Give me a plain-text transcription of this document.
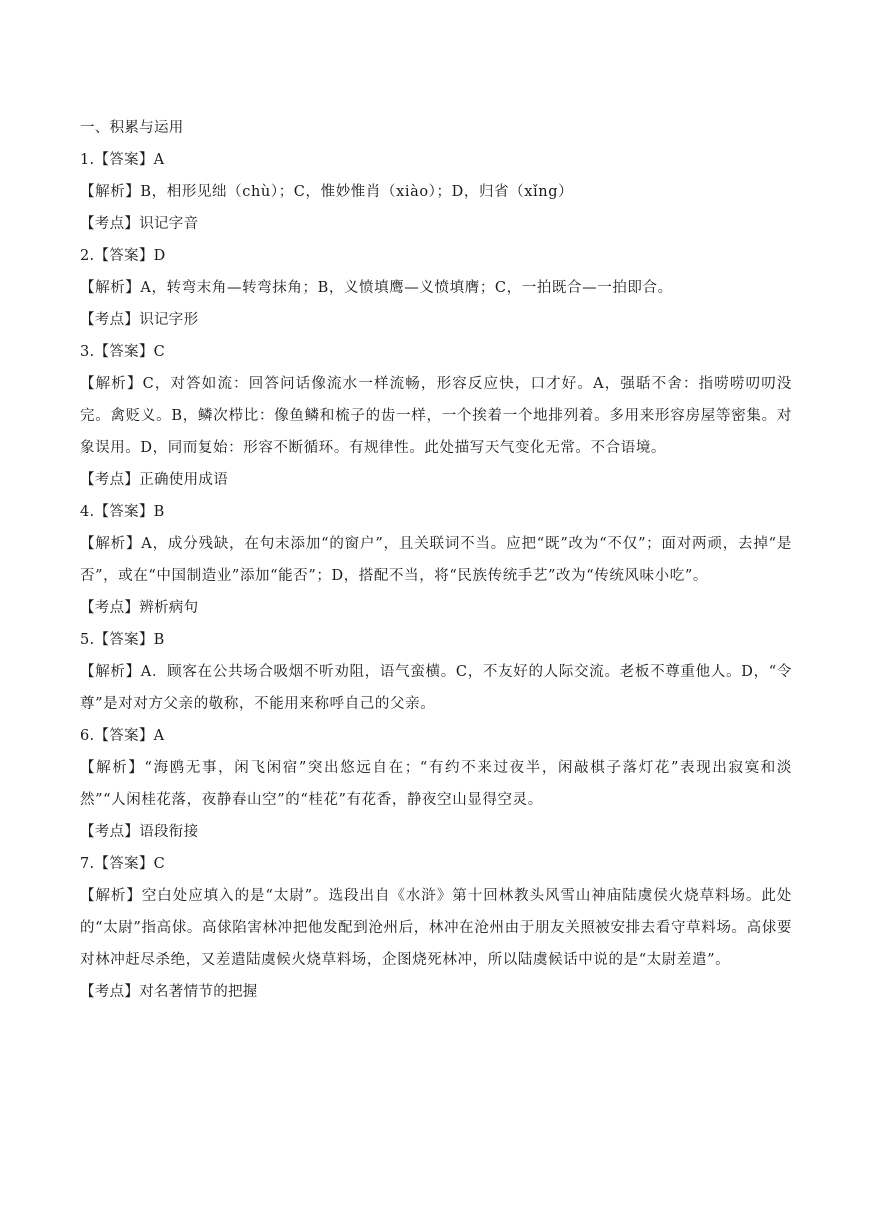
一、积累与运用
1.【答案】A
【解析】B，相形见绌（chù）；C，惟妙惟肖（xiào）；D，归省（xǐng）
【考点】识记字音
2.【答案】D
【解析】A，转弯末角—转弯抹角；B，义愤填鹰—义愤填膺；C，一拍既合—一拍即合。
【考点】识记字形
3.【答案】C
【解析】C，对答如流：回答问话像流水一样流畅，形容反应快，口才好。A，强聒不舍：指唠唠叨叨没完。禽贬义。B，鳞次栉比：像鱼鳞和梳子的齿一样，一个挨着一个地排列着。多用来形容房屋等密集。对象误用。D，同而复始：形容不断循环。有规律性。此处描写天气变化无常。不合语境。
【考点】正确使用成语
4.【答案】B
【解析】A，成分残缺，在句末添加“的窗户”，且关联词不当。应把“既”改为“不仅”；面对两顽，去掉“是否”，或在“中国制造业”添加“能否”；D，搭配不当，将“民族传统手艺”改为“传统风味小吃”。
【考点】辨析病句
5.【答案】B
【解析】A．顾客在公共场合吸烟不听劝阻，语气蛮横。C，不友好的人际交流。老板不尊重他人。D，“令尊”是对对方父亲的敬称，不能用来称呼自己的父亲。
6.【答案】A
【解析】“海鸥无事，闲飞闲宿”突出悠远自在；“有约不来过夜半，闲敲棋子落灯花”表现出寂寞和淡然”“人闲桂花落，夜静春山空”的“桂花”有花香，静夜空山显得空灵。
【考点】语段衔接
7.【答案】C
【解析】空白处应填入的是“太尉”。选段出自《水浒》第十回林教头风雪山神庙陆虞侯火烧草料场。此处的“太尉”指高俅。高俅陷害林冲把他发配到沧州后，林冲在沧州由于朋友关照被安排去看守草料场。高俅要对林冲赶尽杀绝，又差遣陆虞候火烧草料场，企图烧死林冲，所以陆虞候话中说的是“太尉差遣”。
【考点】对名著情节的把握
